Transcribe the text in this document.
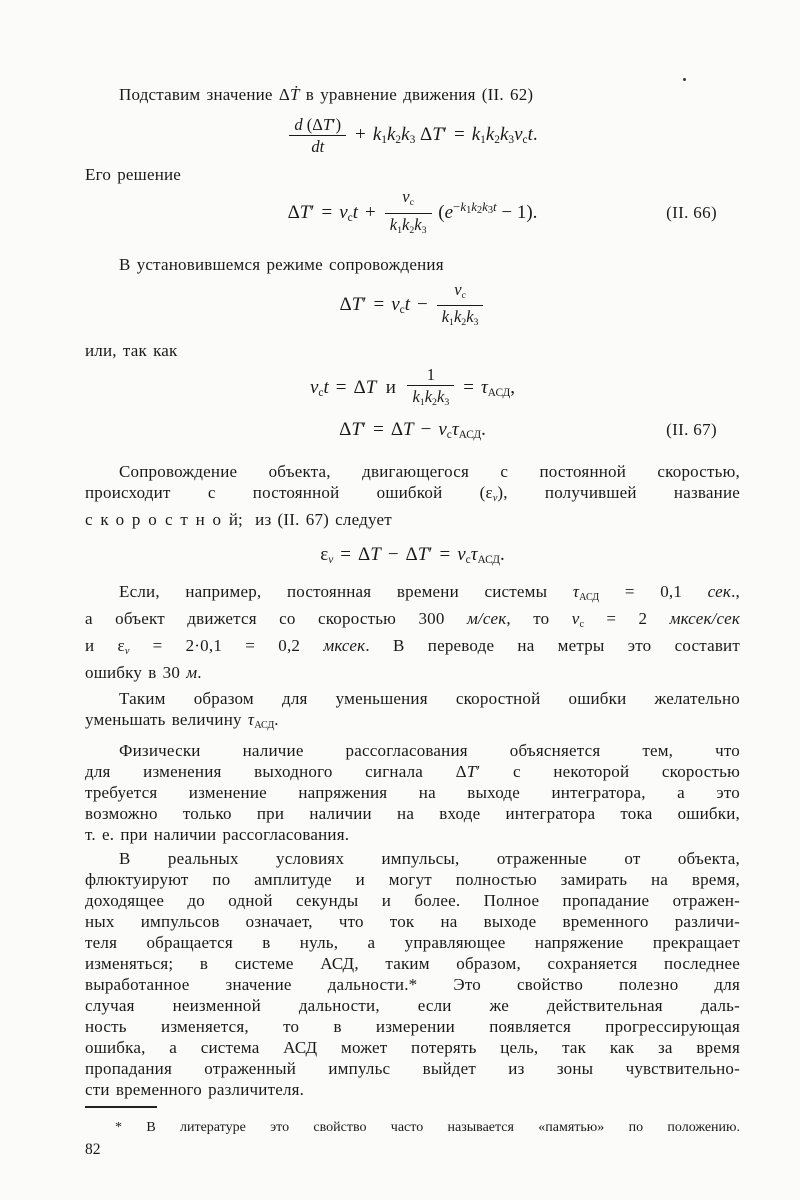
Подставим значение ΔṪ в уравнение движения (II. 62)

$\frac{d (\Delta T')}{dt} + k_1k_2k_3$ $\Delta T' = k_1k_2k_3v_сt$.

Его решение

$\Delta T' = v_сt + \frac{v_с}{k_1k_2k_3} (e^{-k_1k_2k_3t} - 1)$.	(II. 66)

В установившемся режиме сопровождения

$\Delta T' = v_сt - \frac{v_с}{k_1k_2k_3}$

или, так как

$v_сt = \Delta T$  и $\frac{1}{k_1k_2k_3} = \tau_{АСД}$,
$\Delta T' = \Delta T - v_с\tau_{АСД}$.	(II. 67)

Сопровождение объекта, двигающегося с постоянной скоростью,
происходит с постоянной ошибкой $(\varepsilon_v)$, получившей название
скоростной;  из (II. 67) следует

$\varepsilon_v = \Delta T - \Delta T' = v_с\tau_{АСД}$.

Если, например, постоянная времени системы $\tau_{АСД} = 0,1$ сек.,
а объект движется со скоростью 300 м/сек, то $v_с = 2$ мксек/сек
и $\varepsilon_v = 2\cdot 0,1 = 0,2$ мксек. В переводе на метры это составит
ошибку в 30 м.

Таким образом для уменьшения скоростной ошибки желательно
уменьшать величину $\tau_{АСД}$.

Физически наличие рассогласования объясняется тем, что
для изменения выходного сигнала ΔT′ с некоторой скоростью
требуется изменение напряжения на выходе интегратора, а это
возможно только при наличии на входе интегратора тока ошибки,
т. е. при наличии рассогласования.

В реальных условиях импульсы, отраженные от объекта,
флюктуируют по амплитуде и могут полностью замирать на время,
доходящее до одной секунды и более. Полное пропадание отражен-
ных импульсов означает, что ток на выходе временного различи-
теля обращается в нуль, а управляющее напряжение прекращает
изменяться; в системе АСД, таким образом, сохраняется последнее
выработанное значение дальности.* Это свойство полезно для
случая неизменной дальности, если же действительная даль-
ность изменяется, то в измерении появляется прогрессирующая
ошибка, а система АСД может потерять цель, так как за время
пропадания отраженный импульс выйдет из зоны чувствительно-
сти временного различителя.

* В литературе это свойство часто называется «памятью» по положению.

82
